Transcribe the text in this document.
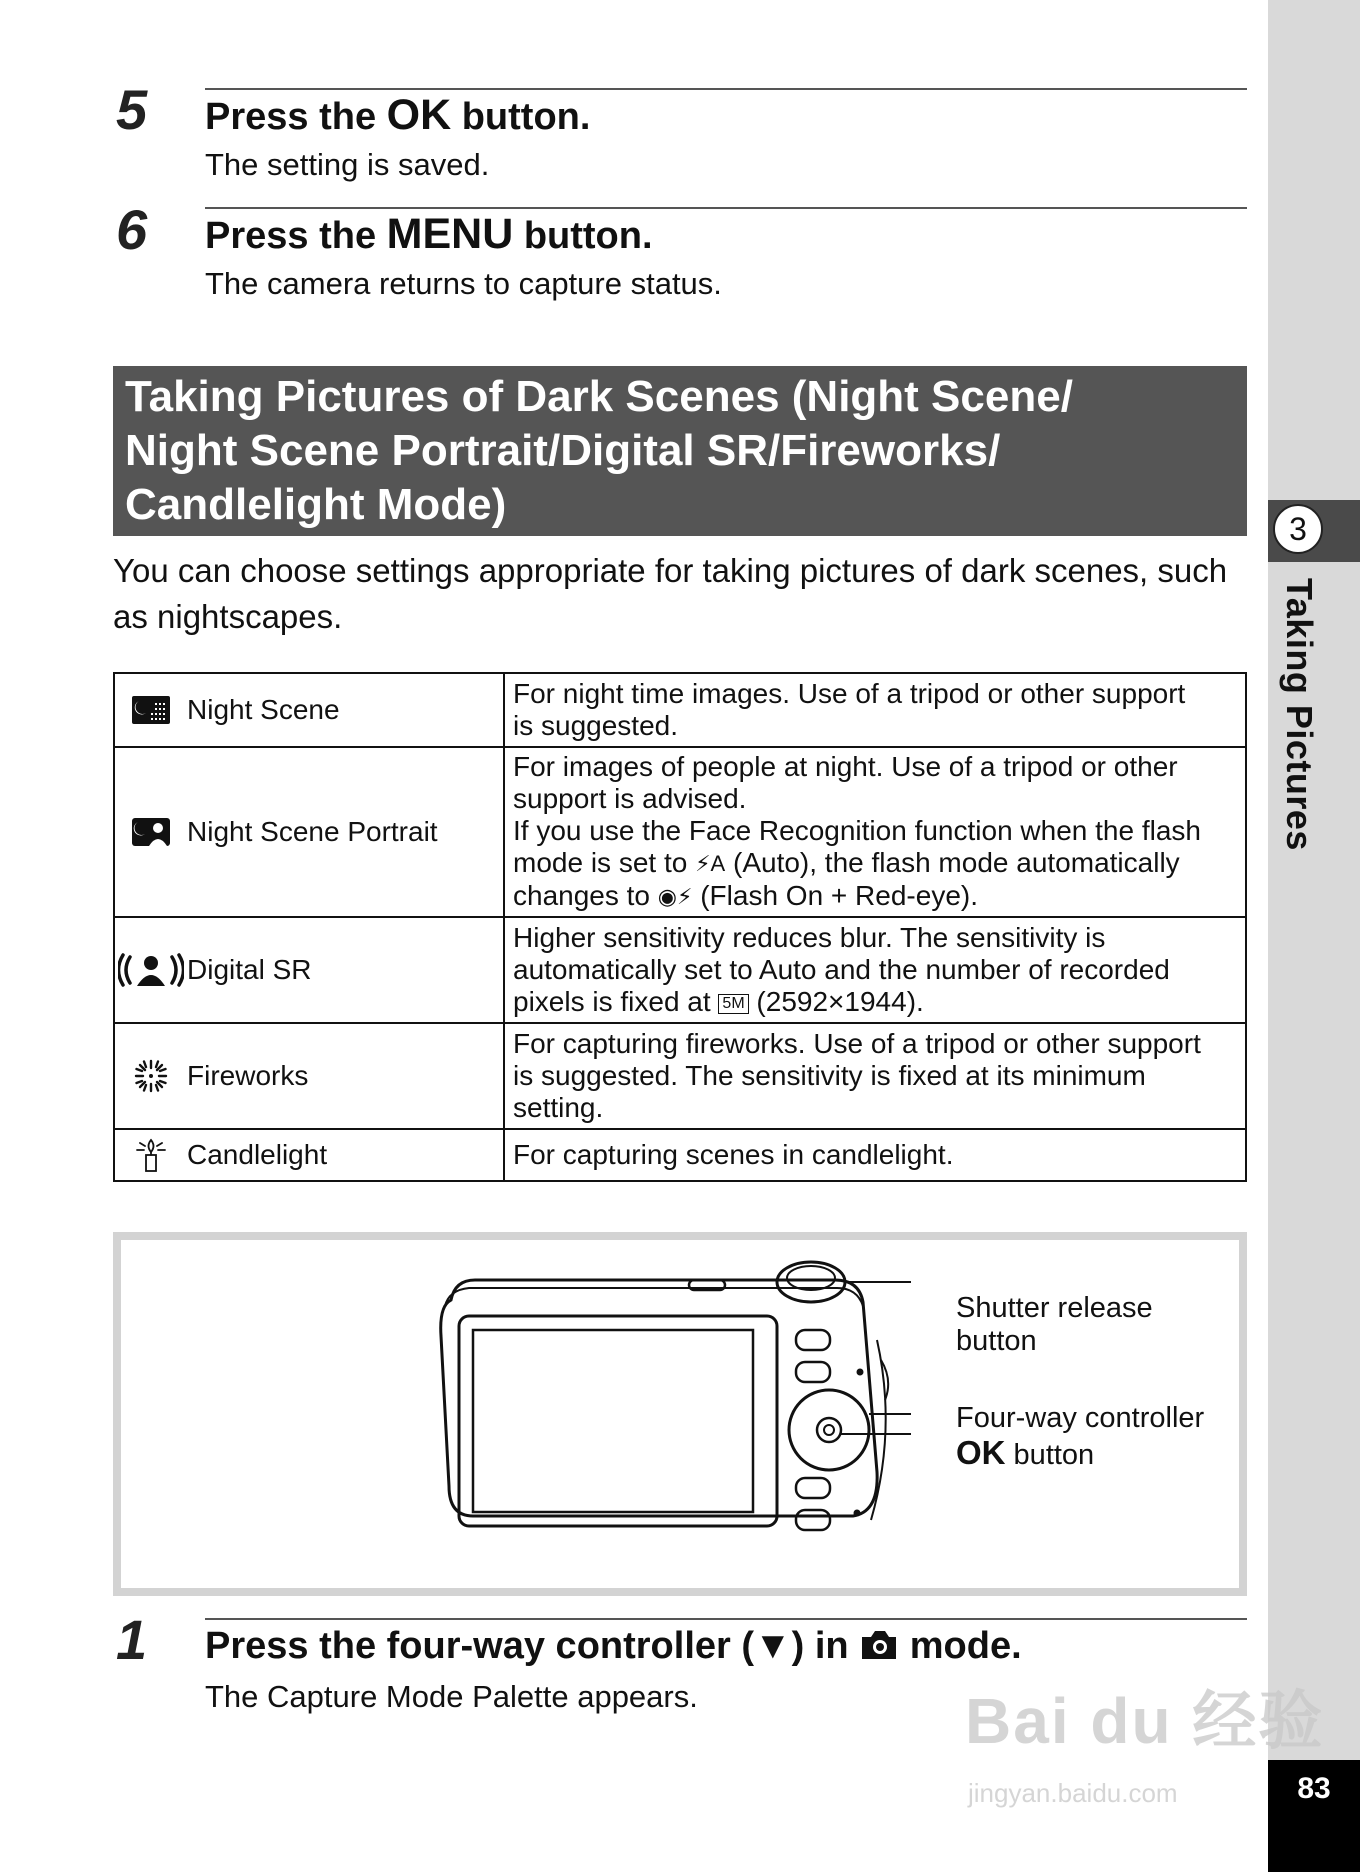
3
Taking Pictures
83
5 Press the OK button.
The setting is saved.
6 Press the MENU button.
The camera returns to capture status.
Taking Pictures of Dark Scenes (Night Scene/
Night Scene Portrait/Digital SR/Fireworks/
Candlelight Mode)
You can choose settings appropriate for taking pictures of dark scenes, such as nightscapes.
Night Scene	For night time images. Use of a tripod or other support
is suggested.

Night Scene Portrait	For images of people at night. Use of a tripod or other
support is advised.
If you use the Face Recognition function when the flash
mode is set to ⚡A (Auto), the flash mode automatically
changes to ◉⚡ (Flash On + Red-eye).

Digital SR	Higher sensitivity reduces blur. The sensitivity is
automatically set to Auto and the number of recorded
pixels is fixed at 5M (2592×1944).

Fireworks	For capturing fireworks. Use of a tripod or other support
is suggested. The sensitivity is fixed at its minimum
setting.

Candlelight	For capturing scenes in candlelight.
Shutter release
button
Four-way controller
OK button
1 Press the four-way controller (▼) in  mode.
The Capture Mode Palette appears.	Bai du 经验
jingyan.baidu.com
